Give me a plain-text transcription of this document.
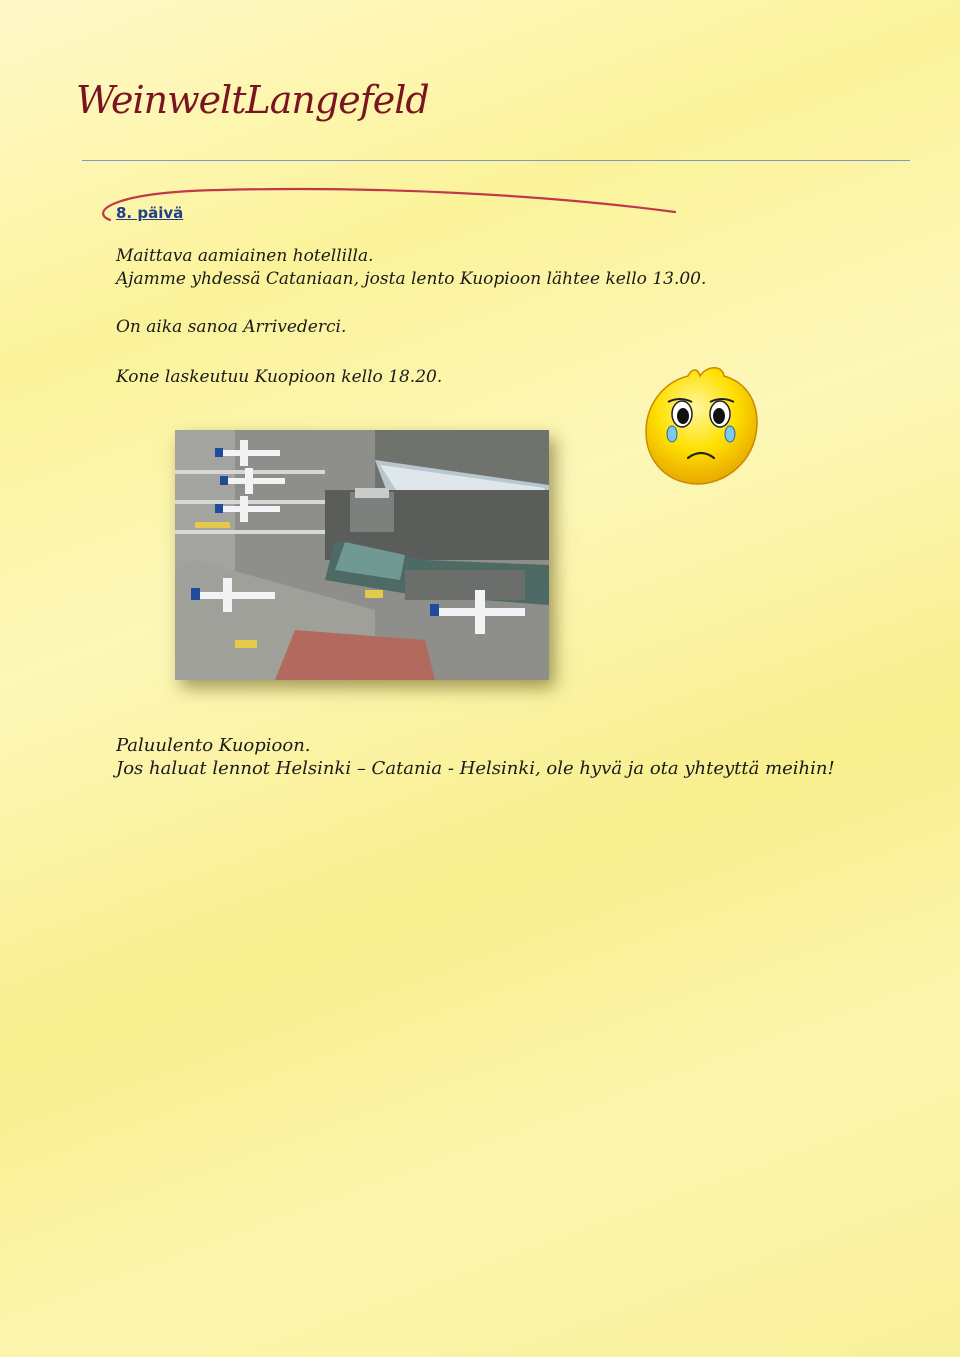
WeinweltLangefeld
8. päivä

Maittava aamiainen hotellilla.

Ajamme yhdessä Cataniaan, josta lento Kuopioon lähtee kello 13.00.

On aika sanoa Arrivederci.

Kone laskeutuu Kuopioon kello 18.20.

Paluulento Kuopioon.
Jos haluat lennot Helsinki – Catania - Helsinki, ole hyvä ja ota yhteyttä meihin!
